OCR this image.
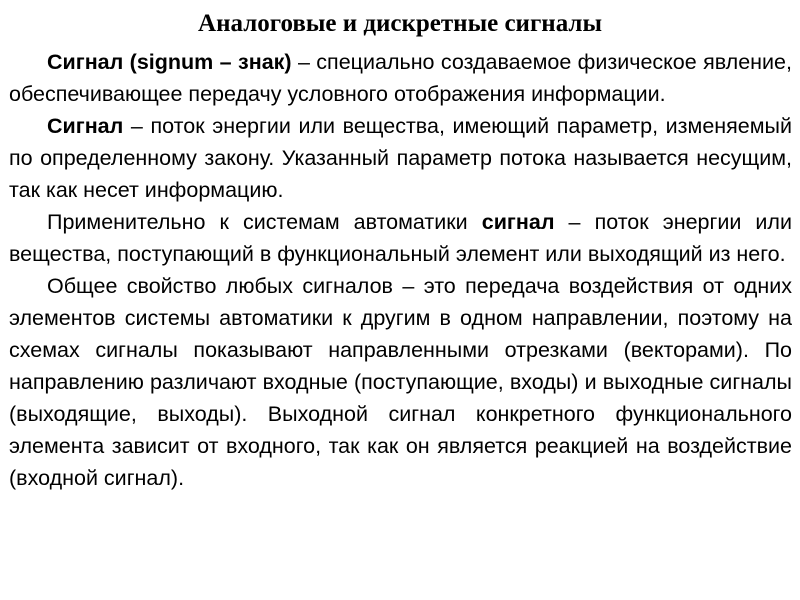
Аналоговые и дискретные сигналы

Сигнал (signum – знак) – специально создаваемое физическое явление, обеспечивающее передачу условного отображения информации.

Сигнал – поток энергии или вещества, имеющий параметр, изменяемый по определенному закону. Указанный параметр потока называется несущим, так как несет информацию.

Применительно к системам автоматики сигнал – поток энергии или вещества, поступающий в функциональный элемент или выходящий из него.

Общее свойство любых сигналов – это передача воздействия от одних элементов системы автоматики к другим в одном направлении, поэтому на схемах сигналы показывают направленными отрезками (векторами). По направлению различают входные (поступающие, входы) и выходные сигналы (выходящие, выходы). Выходной сигнал конкретного функционального элемента зависит от входного, так как он является реакцией на воздействие (входной сигнал).
